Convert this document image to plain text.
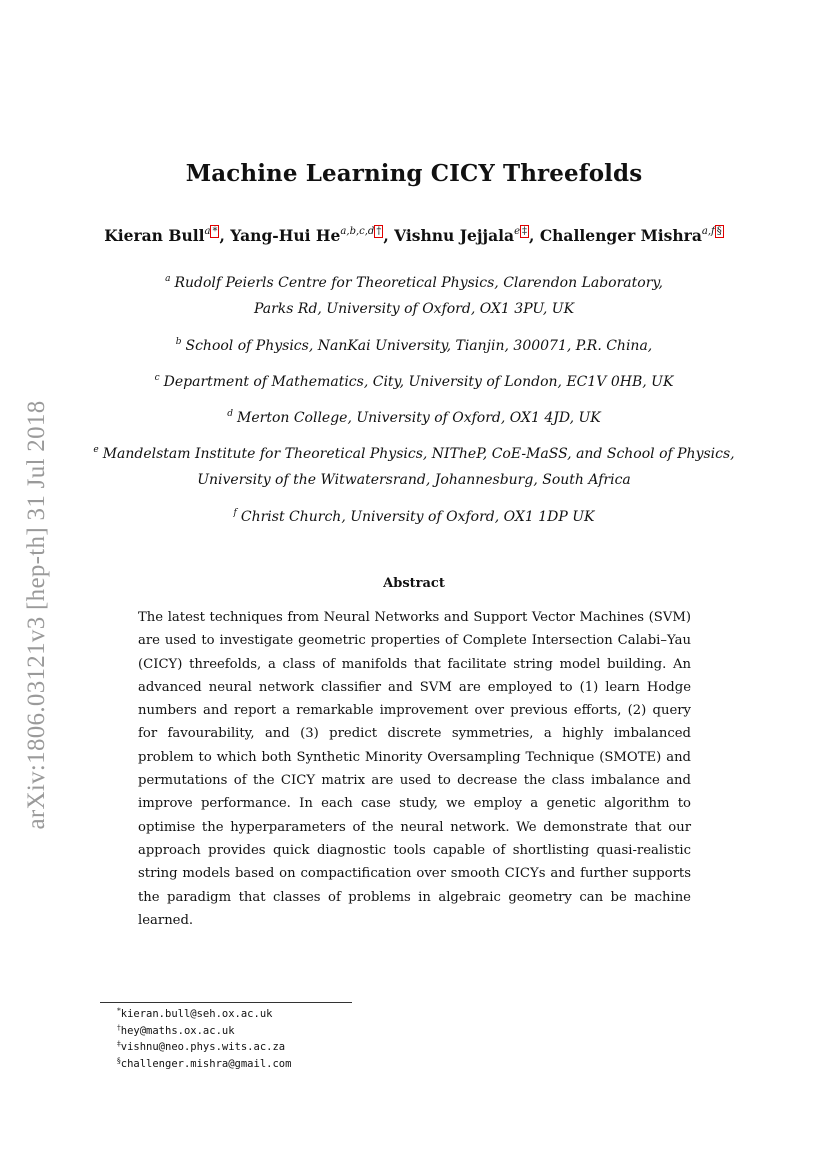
arXiv:1806.03121v3 [hep-th] 31 Jul 2018
Machine Learning CICY Threefolds
Kieran Bull$^{a *}$ , Yang-Hui $He^{a,b,c,d \dagger}$ , Vishnu Jejjala$^{e \ddagger}$ , Challenger Mishra$^{a,f \S}$
$^a$ Rudolf Peierls Centre for Theoretical Physics, Clarendon Laboratory,
Parks Rd, University of Oxford, OX1 3PU, UK
$^b$ School of Physics, NanKai University, Tianjin, 300071, P.R. China,
$^c$ Department of Mathematics, City, University of London, EC1V 0HB, UK
$^d$ Merton College, University of Oxford, OX1 4JD, UK
$^e$ Mandelstam Institute for Theoretical Physics, NITheP, CoE-MaSS, and School of Physics,
University of the Witwatersrand, Johannesburg, South Africa
$^f$ Christ Church, University of Oxford, OX1 1DP UK
Abstract
The latest techniques from Neural Networks and Support Vector Machines (SVM) are used to investigate geometric properties of Complete Intersection Calabi–Yau (CICY) threefolds, a class of manifolds that facilitate string model building. An advanced neural network classifier and SVM are employed to (1) learn Hodge numbers and report a remarkable improvement over previous efforts, (2) query for favourability, and (3) predict discrete symmetries, a highly imbalanced problem to which both Synthetic Minority Oversampling Technique (SMOTE) and permutations of the CICY matrix are used to decrease the class imbalance and improve performance. In each case study, we employ a genetic algorithm to optimise the hyperparameters of the neural network. We demonstrate that our approach provides quick diagnostic tools capable of shortlisting quasi-realistic string models based on compactification over smooth CICYs and further supports the paradigm that classes of problems in algebraic geometry can be machine learned.
*kieran.bull@seh.ox.ac.uk
†hey@maths.ox.ac.uk
‡vishnu@neo.phys.wits.ac.za
§challenger.mishra@gmail.com
